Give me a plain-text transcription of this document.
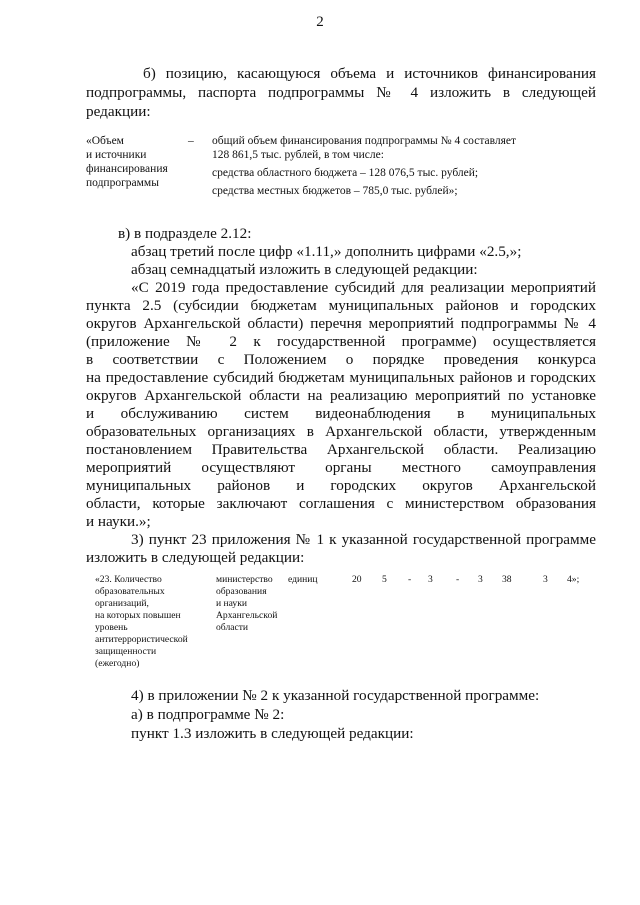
2
б) позицию, касающуюся объема и источников финансирования
подпрограммы, паспорта подпрограммы № 4 изложить в следующей
редакции:
«Объем
и источники
финансирования
подпрограммы
– общий объем финансирования подпрограммы № 4 составляет
128 861,5 тыс. рублей, в том числе:
средства областного бюджета – 128 076,5 тыс. рублей;
средства местных бюджетов – 785,0 тыс. рублей»;
в) в подразделе 2.12:
абзац третий после цифр «1.11,» дополнить цифрами «2.5,»;
абзац семнадцатый изложить в следующей редакции:
«С 2019 года предоставление субсидий для реализации мероприятий
пункта 2.5 (субсидии бюджетам муниципальных районов и городских
округов Архангельской области) перечня мероприятий подпрограммы № 4
(приложение № 2 к государственной программе) осуществляется
в соответствии с Положением о порядке проведения конкурса
на предоставление субсидий бюджетам муниципальных районов и городских
округов Архангельской области на реализацию мероприятий по установке
и обслуживанию систем видеонаблюдения в муниципальных
образовательных организациях в Архангельской области, утвержденным
постановлением Правительства Архангельской области. Реализацию
мероприятий осуществляют органы местного самоуправления
муниципальных районов и городских округов Архангельской
области, которые заключают соглашения с министерством образования
и науки.»;
3) пункт 23 приложения № 1 к указанной государственной программе
изложить в следующей редакции:
«23. Количество
образовательных
организаций,
на которых повышен
уровень
антитеррористической
защищенности
(ежегодно)
министерство
образования
и науки
Архангельской
области
единиц	20 5 - 3 - 3 38	3 4»;
4) в приложении № 2 к указанной государственной программе:
а) в подпрограмме № 2:
пункт 1.3 изложить в следующей редакции:
